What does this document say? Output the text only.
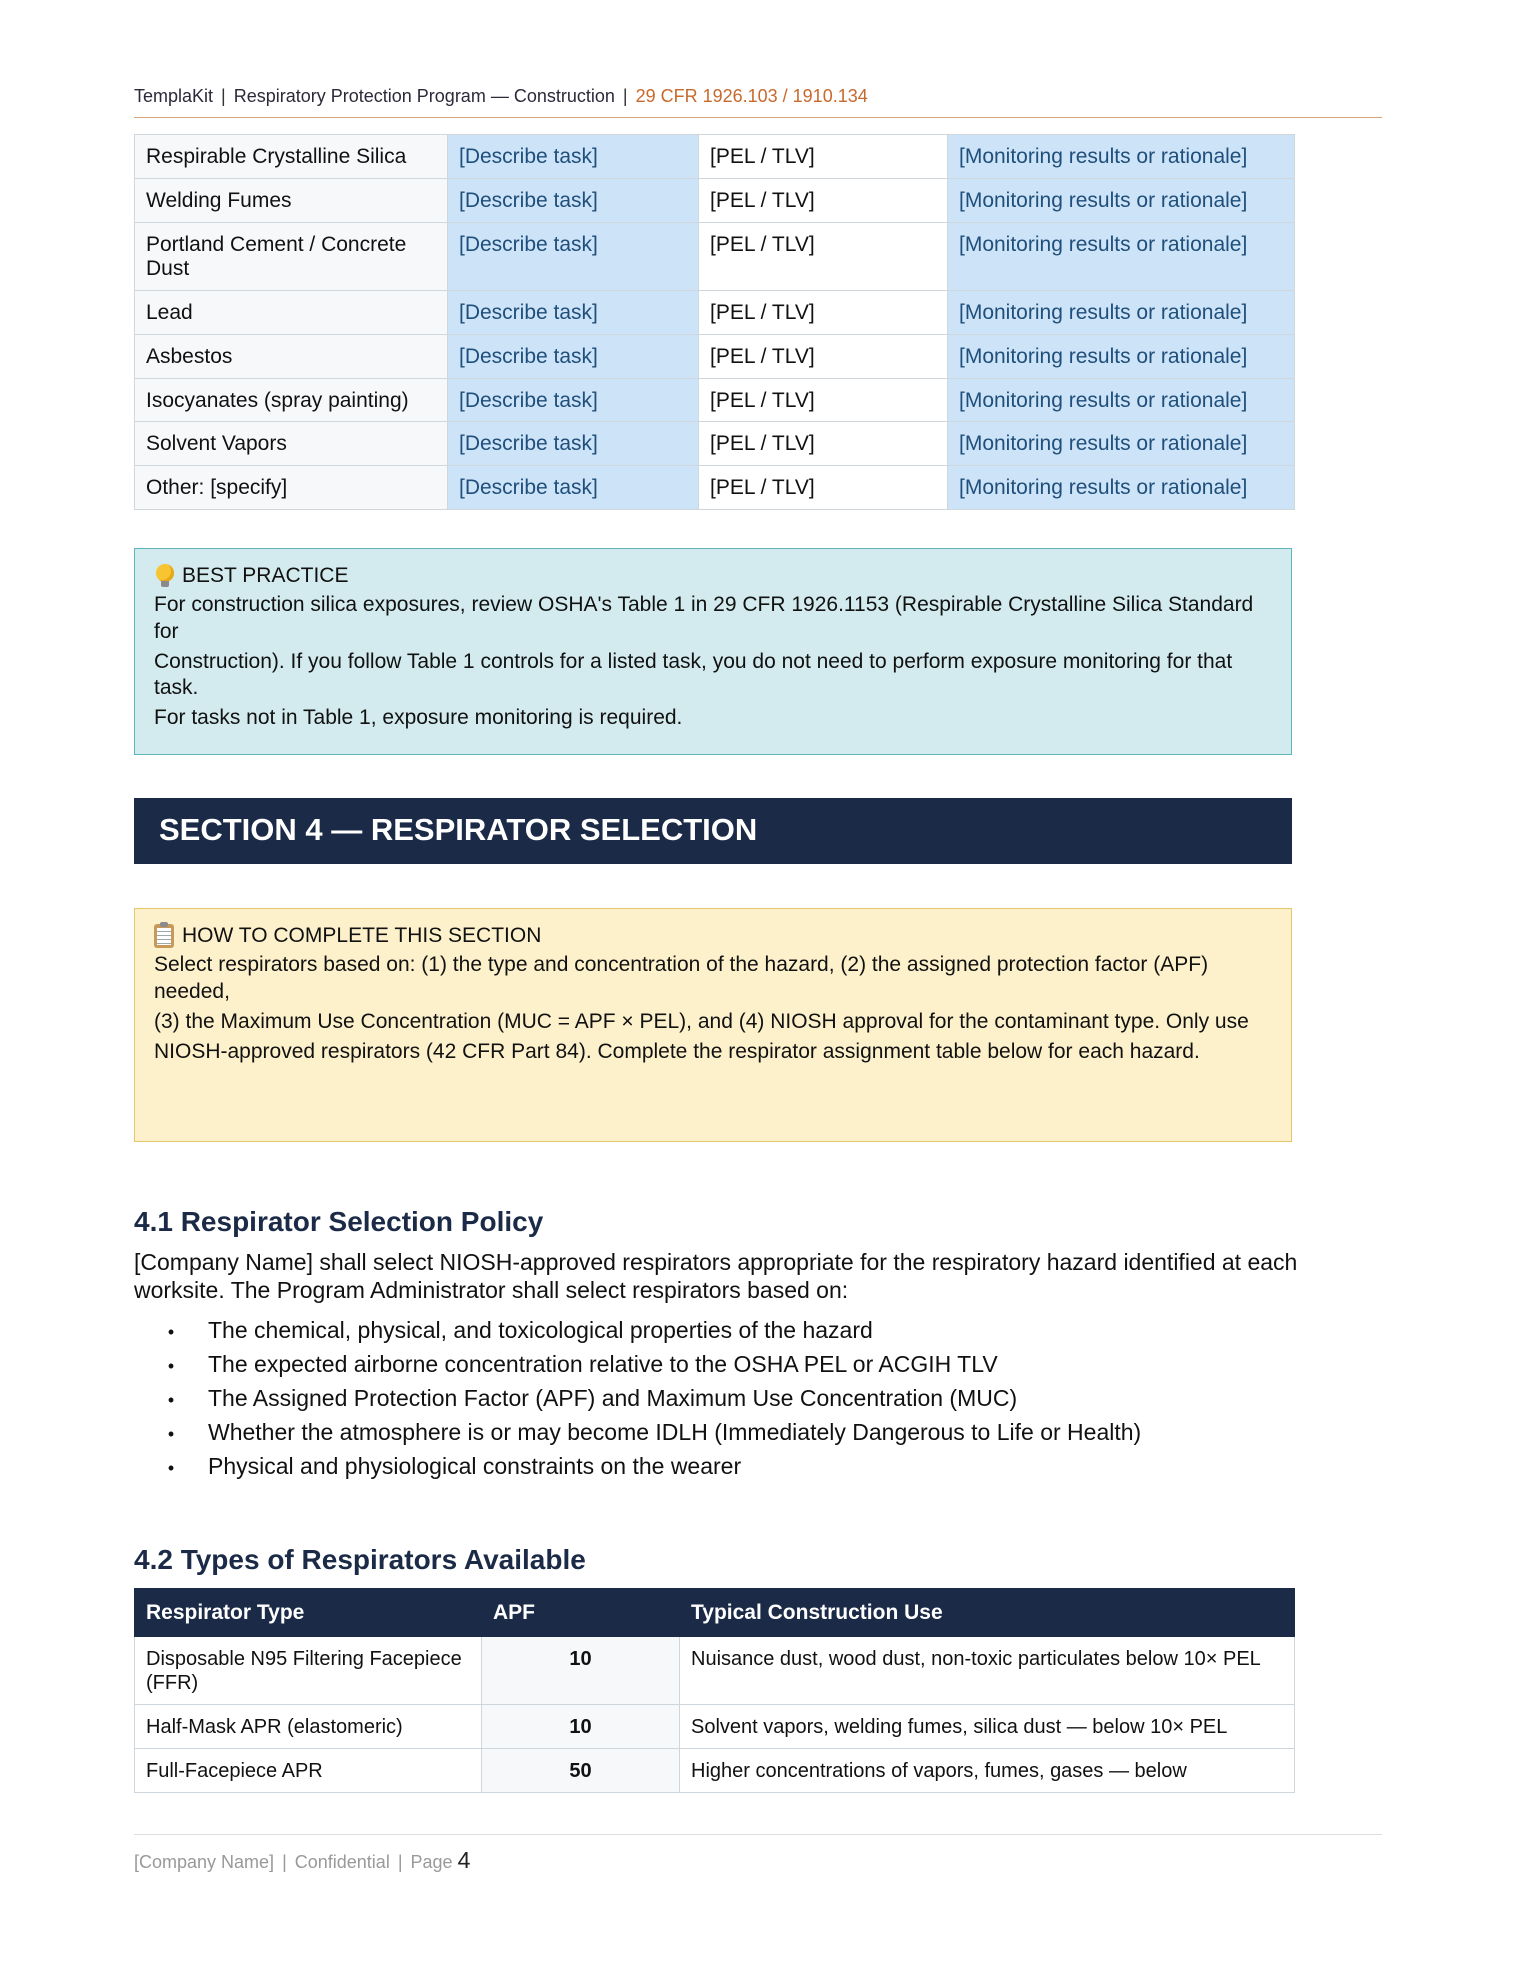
TemplaKit | Respiratory Protection Program — Construction | 29 CFR 1926.103 / 1910.134
Respirable Crystalline Silica	[Describe task]	[PEL / TLV]	[Monitoring results or rationale]
Welding Fumes	[Describe task]	[PEL / TLV]	[Monitoring results or rationale]
Portland Cement / Concrete Dust	[Describe task]	[PEL / TLV]	[Monitoring results or rationale]
Lead	[Describe task]	[PEL / TLV]	[Monitoring results or rationale]
Asbestos	[Describe task]	[PEL / TLV]	[Monitoring results or rationale]
Isocyanates (spray painting)	[Describe task]	[PEL / TLV]	[Monitoring results or rationale]
Solvent Vapors	[Describe task]	[PEL / TLV]	[Monitoring results or rationale]
Other: [specify]	[Describe task]	[PEL / TLV]	[Monitoring results or rationale]
BEST PRACTICE

For construction silica exposures, review OSHA's Table 1 in 29 CFR 1926.1153 (Respirable Crystalline Silica Standard for

Construction). If you follow Table 1 controls for a listed task, you do not need to perform exposure monitoring for that task.

For tasks not in Table 1, exposure monitoring is required.

SECTION 4 — RESPIRATOR SELECTION
HOW TO COMPLETE THIS SECTION

Select respirators based on: (1) the type and concentration of the hazard, (2) the assigned protection factor (APF) needed,

(3) the Maximum Use Concentration (MUC = APF × PEL), and (4) NIOSH approval for the contaminant type. Only use

NIOSH-approved respirators (42 CFR Part 84). Complete the respirator assignment table below for each hazard.

4.1 Respirator Selection Policy

[Company Name] shall select NIOSH-approved respirators appropriate for the respiratory hazard identified at each worksite. The Program Administrator shall select respirators based on:

• The chemical, physical, and toxicological properties of the hazard
• The expected airborne concentration relative to the OSHA PEL or ACGIH TLV
• The Assigned Protection Factor (APF) and Maximum Use Concentration (MUC)
• Whether the atmosphere is or may become IDLH (Immediately Dangerous to Life or Health)
• Physical and physiological constraints on the wearer
4.2 Types of Respirators Available
Respirator Type	APF	Typical Construction Use
Disposable N95 Filtering Facepiece (FFR)	10	Nuisance dust, wood dust, non-toxic particulates below 10× PEL
Half-Mask APR (elastomeric)	10	Solvent vapors, welding fumes, silica dust — below 10× PEL
Full-Facepiece APR	50	Higher concentrations of vapors, fumes, gases — below
[Company Name] | Confidential | Page 4
